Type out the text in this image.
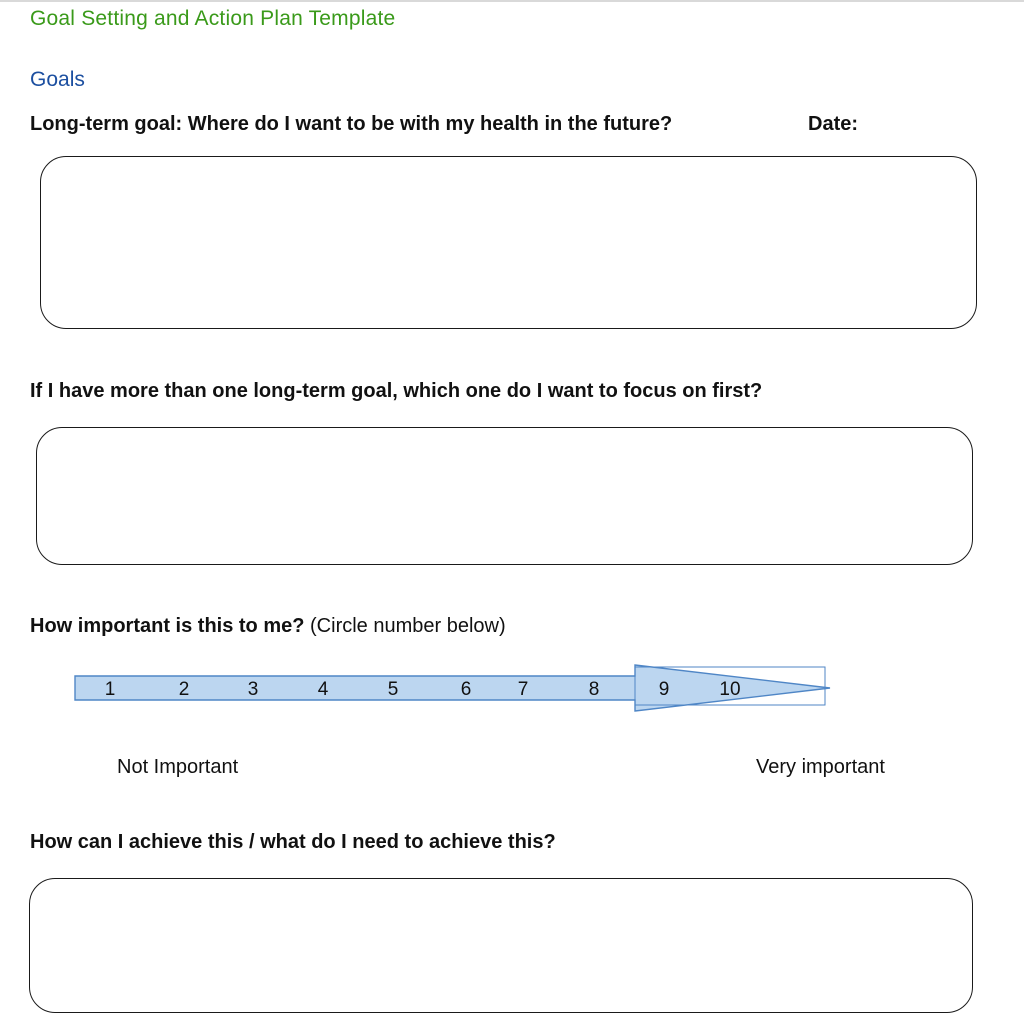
Goal Setting and Action Plan Template
Goals
Long-term goal: Where do I want to be with my health in the future?	Date:
If I have more than one long-term goal, which one do I want to focus on first?
How important is this to me? (Circle number below)
1	2	3	4	5	6 7	8	9	10
Not Important	Very important
How can I achieve this / what do I need to achieve this?
